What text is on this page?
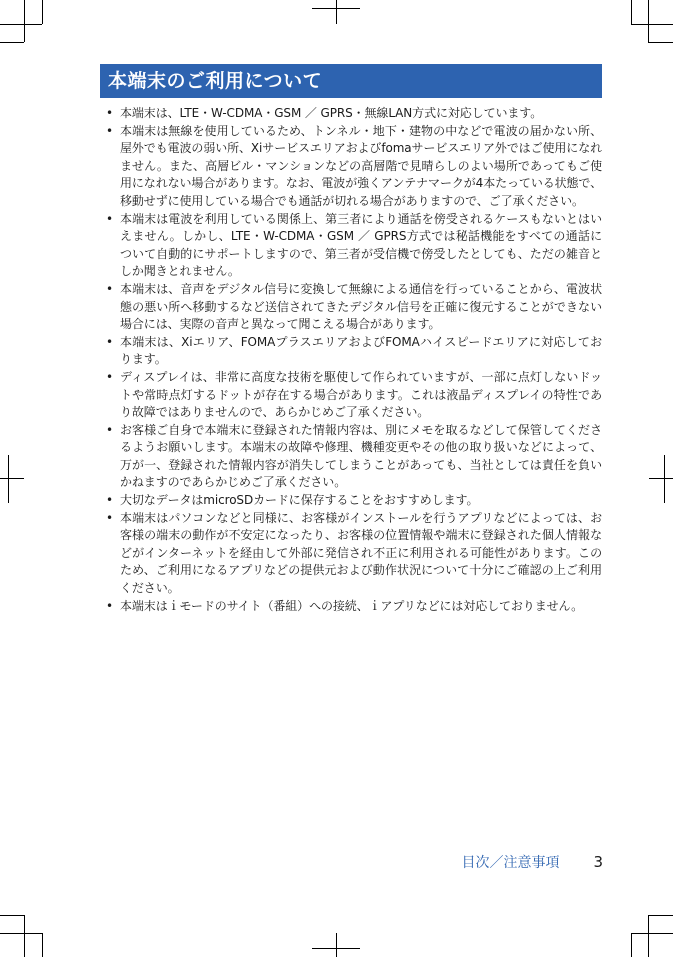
本端末のご利用について
• 本端末は、LTE・W-CDMA・GSM ／ GPRS・無線LAN方式に対応しています。
• 本端末は無線を使用しているため、トンネル・地下・建物の中などで電波の届かない所、屋外でも電波の弱い所、Xiサービスエリアおよびfomaサービスエリア外ではご使用になれません。また、高層ビル・マンションなどの高層階で見晴らしのよい場所であってもご使用になれない場合があります。なお、電波が強くアンテナマークが4本たっている状態で、移動せずに使用している場合でも通話が切れる場合がありますので、ご了承ください。
• 本端末は電波を利用している関係上、第三者により通話を傍受されるケースもないとはいえません。しかし、LTE・W-CDMA・GSM ／ GPRS方式では秘話機能をすべての通話について自動的にサポートしますので、第三者が受信機で傍受したとしても、ただの雑音としか聞きとれません。
• 本端末は、音声をデジタル信号に変換して無線による通信を行っていることから、電波状態の悪い所へ移動するなど送信されてきたデジタル信号を正確に復元することができない場合には、実際の音声と異なって聞こえる場合があります。
• 本端末は、Xiエリア、FOMAプラスエリアおよびFOMAハイスピードエリアに対応しております。
• ディスプレイは、非常に高度な技術を駆使して作られていますが、一部に点灯しないドットや常時点灯するドットが存在する場合があります。これは液晶ディスプレイの特性であり故障ではありませんので、あらかじめご了承ください。
• お客様ご自身で本端末に登録された情報内容は、別にメモを取るなどして保管してくださるようお願いします。本端末の故障や修理、機種変更やその他の取り扱いなどによって、万が一、登録された情報内容が消失してしまうことがあっても、当社としては責任を負いかねますのであらかじめご了承ください。
• 大切なデータはmicroSDカードに保存することをおすすめします。
• 本端末はパソコンなどと同様に、お客様がインストールを行うアプリなどによっては、お客様の端末の動作が不安定になったり、お客様の位置情報や端末に登録された個人情報などがインターネットを経由して外部に発信され不正に利用される可能性があります。このため、ご利用になるアプリなどの提供元および動作状況について十分にご確認の上ご利用ください。
• 本端末はｉモードのサイト（番組）への接続、ｉアプリなどには対応しておりません。
目次／注意事項 3
